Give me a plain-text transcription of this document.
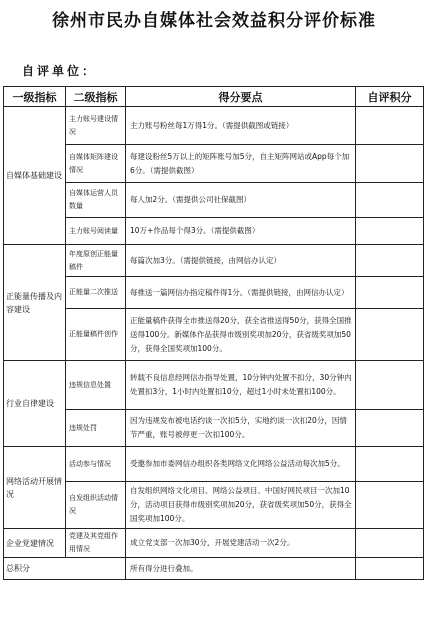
徐州市民办自媒体社会效益积分评价标准
自评单位：
一级指标	二级指标	得分要点	自评积分
自媒体基础建设	主力账号建设情况	主力账号粉丝每1万得1分。（需提供截图或链接）	
	自媒体矩阵建设情况	每建设粉丝5万以上的矩阵账号加5分，自主矩阵网站或App每个加6分。（需提供截图）	
	自媒体运营人员数量	每人加2分。（需提供公司社保截图）	
	主力账号阅读量	10万+作品每个得3分。（需提供截图）	
正能量传播及内容建设	年度原创正能量稿件	每篇次加3分。（需提供链接，由网信办认定）	
	正能量二次推送	每推送一篇网信办指定稿件得1分。（需提供链接，由网信办认定）	
	正能量稿件创作	正能量稿件获得全市推送得20分，获全省推送得50分，获得全国推送得100分。新媒体作品获得市级别奖项加20分，获省级奖项加50分，获得全国奖项加100分。	
行业自律建设	违规信息处置	转载不良信息经网信办指导处置，10分钟内处置不扣分，30分钟内处置扣3分，1小时内处置扣10分，超过1小时未处置扣100分。	
	违规处罚	因为违规发布被电话约谈一次扣5分，实地约谈一次扣20分，因情节严重，账号被停更一次扣100分。	
网络活动开展情况	活动参与情况	受邀参加市委网信办组织各类网络文化网络公益活动每次加5分。	
	自发组织活动情况	自发组织网络文化项目、网络公益项目、中国好网民项目一次加10分，活动项目获得市级别奖项加20分，获省级奖项加50分，获得全国奖项加100分。	
企业党建情况	党建及其党组作用情况	成立党支部一次加30分，开展党建活动一次2分。	
总积分		所有得分进行叠加。	
